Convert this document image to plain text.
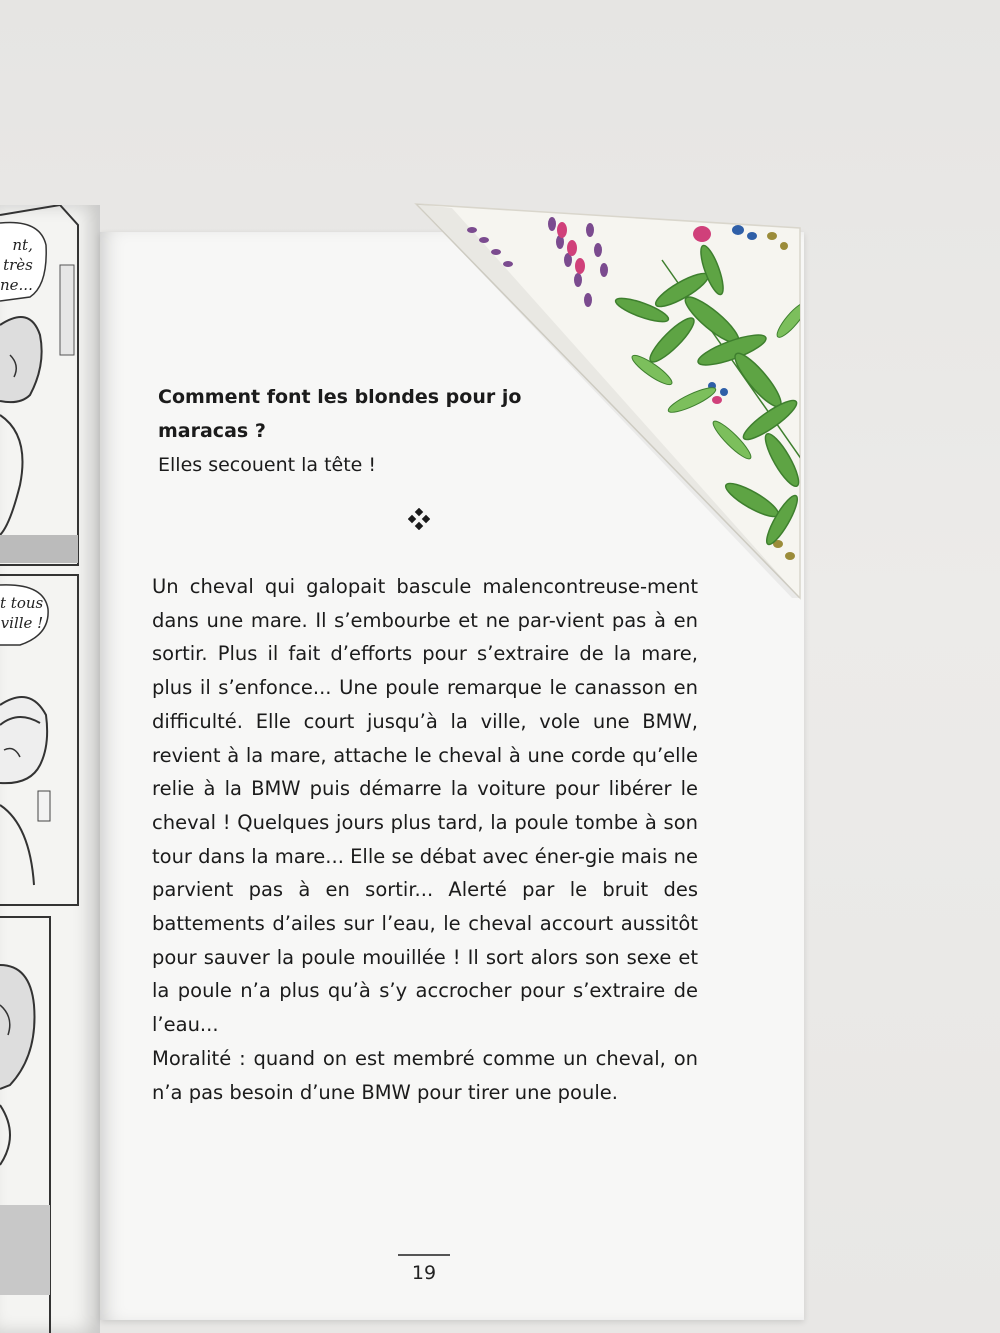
nt,
très
ne...
t tous
ville !
Comment font les blondes pour jo
maracas ?
Elles secouent la tête !

Un cheval qui galopait bascule malencontreuse-ment dans une mare. Il s’embourbe et ne par-vient pas à en sortir. Plus il fait d’efforts pour s’extraire de la mare, plus il s’enfonce... Une poule remarque le canasson en difficulté. Elle court jusqu’à la ville, vole une BMW, revient à la mare, attache le cheval à une corde qu’elle relie à la BMW puis démarre la voiture pour libérer le cheval ! Quelques jours plus tard, la poule tombe à son tour dans la mare... Elle se débat avec éner-gie mais ne parvient pas à en sortir... Alerté par le bruit des battements d’ailes sur l’eau, le cheval accourt aussitôt pour sauver la poule mouillée ! Il sort alors son sexe et la poule n’a plus qu’à s’y accrocher pour s’extraire de l’eau...

Moralité : quand on est membré comme un cheval, on n’a pas besoin d’une BMW pour tirer une poule.

19
